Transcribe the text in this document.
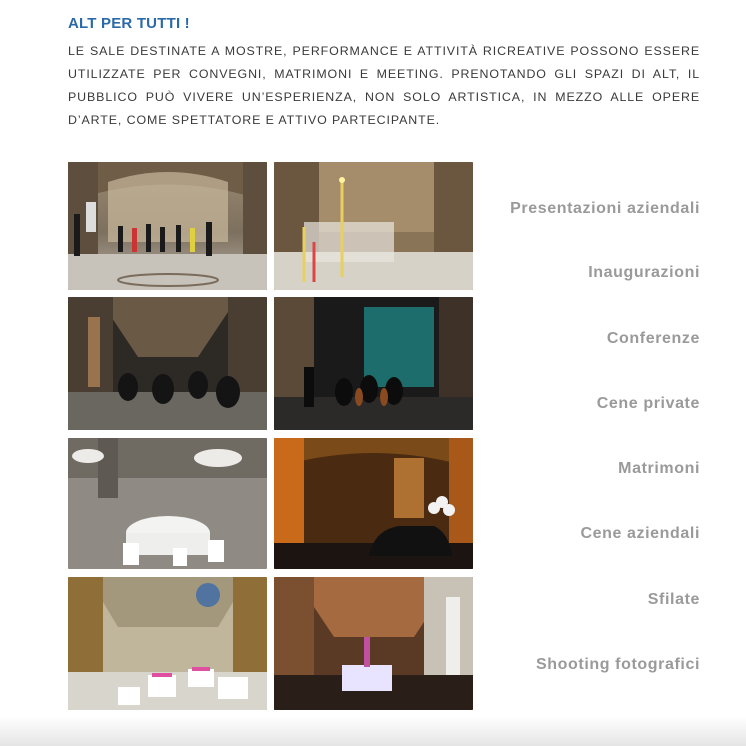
ALT PER TUTTI !

LE SALE DESTINATE A MOSTRE, PERFORMANCE E ATTIVITÀ RICREATIVE POSSONO ESSERE UTILIZZATE PER CONVEGNI, MATRIMONI E MEETING. PRENOTANDO GLI SPAZI DI ALT, IL PUBBLICO PUÒ VIVERE UN’ESPERIENZA, NON SOLO ARTISTICA, IN MEZZO ALLE OPERE D’ARTE, COME SPETTATORE E ATTIVO PARTECIPANTE.

Presentazioni aziendali
Inaugurazioni
Conferenze
Cene private
Matrimoni
Cene aziendali
Sfilate
Shooting fotografici
